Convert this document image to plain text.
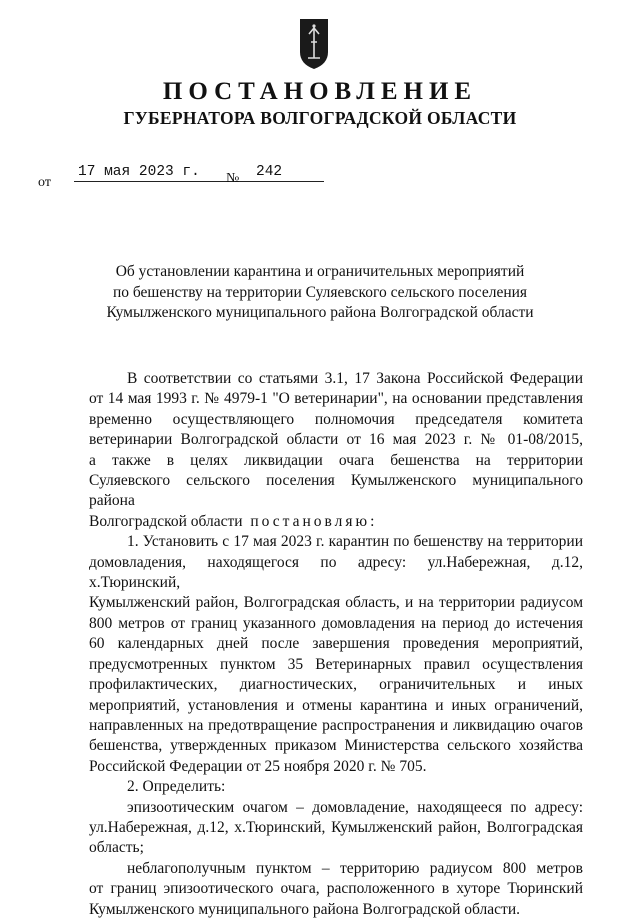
ПОСТАНОВЛЕНИЕ
ГУБЕРНАТОРА ВОЛГОГРАДСКОЙ ОБЛАСТИ
от
17 мая 2023 г.	№ 242
Об установлении карантина и ограничительных мероприятий
по бешенству на территории Суляевского сельского поселения
Кумылженского муниципального района Волгоградской области

В соответствии со статьями 3.1, 17 Закона Российской Федерации

от 14 мая 1993 г. № 4979-1 "О ветеринарии", на основании представления

временно осуществляющего полномочия председателя комитета

ветеринарии Волгоградской области от 16 мая 2023 г. № 01-08/2015,

а также в целях ликвидации очага бешенства на территории

Суляевского сельского поселения Кумылженского муниципального района

Волгоградской области постановляю:

1. Установить с 17 мая 2023 г. карантин по бешенству на территории

домовладения, находящегося по адресу: ул.Набережная, д.12, х.Тюринский,

Кумылженский район, Волгоградская область, и на территории радиусом

800 метров от границ указанного домовладения на период до истечения

60 календарных дней после завершения проведения мероприятий,

предусмотренных пунктом 35 Ветеринарных правил осуществления

профилактических, диагностических, ограничительных и иных

мероприятий, установления и отмены карантина и иных ограничений,

направленных на предотвращение распространения и ликвидацию очагов

бешенства, утвержденных приказом Министерства сельского хозяйства

Российской Федерации от 25 ноября 2020 г. № 705.

2. Определить:

эпизоотическим очагом – домовладение, находящееся по адресу:

ул.Набережная, д.12, х.Тюринский, Кумылженский район, Волгоградская

область;

неблагополучным пунктом – территорию радиусом 800 метров

от границ эпизоотического очага, расположенного в хуторе Тюринский

Кумылженского муниципального района Волгоградской области.
